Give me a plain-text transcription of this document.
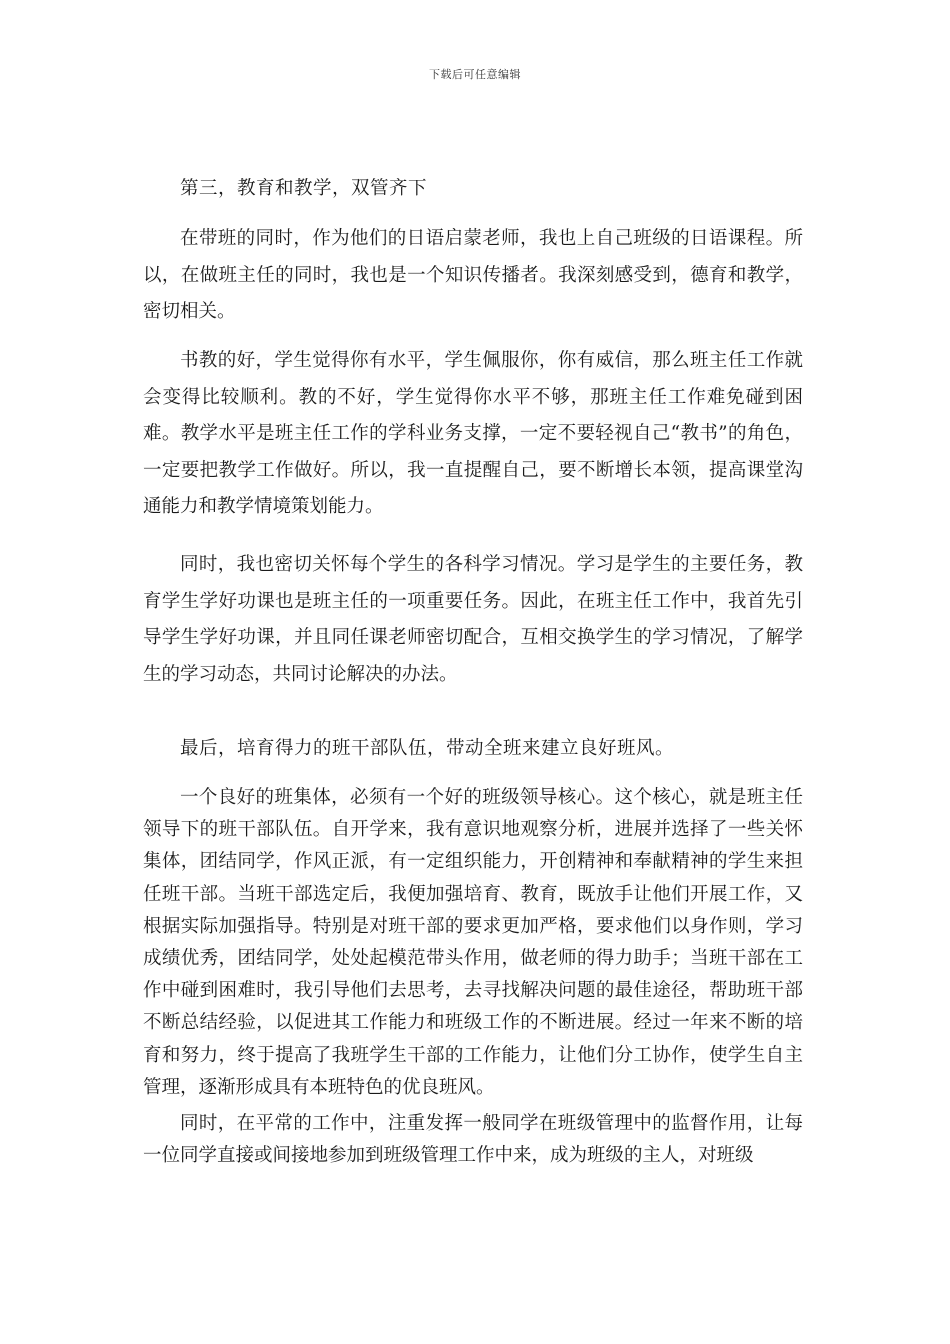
下载后可任意编辑

第三，教育和教学，双管齐下

在带班的同时，作为他们的日语启蒙老师，我也上自己班级的日语课程。所以，在做班主任的同时，我也是一个知识传播者。我深刻感受到，德育和教学，密切相关。

书教的好，学生觉得你有水平，学生佩服你，你有威信，那么班主任工作就会变得比较顺利。教的不好，学生觉得你水平不够，那班主任工作难免碰到困难。教学水平是班主任工作的学科业务支撑，一定不要轻视自己“教书”的角色，一定要把教学工作做好。所以，我一直提醒自己，要不断增长本领，提高课堂沟通能力和教学情境策划能力。

同时，我也密切关怀每个学生的各科学习情况。学习是学生的主要任务，教育学生学好功课也是班主任的一项重要任务。因此，在班主任工作中，我首先引导学生学好功课，并且同任课老师密切配合，互相交换学生的学习情况，了解学生的学习动态，共同讨论解决的办法。

最后，培育得力的班干部队伍，带动全班来建立良好班风。

一个良好的班集体，必须有一个好的班级领导核心。这个核心，就是班主任领导下的班干部队伍。自开学来，我有意识地观察分析，进展并选择了一些关怀集体，团结同学，作风正派，有一定组织能力，开创精神和奉献精神的学生来担任班干部。当班干部选定后，我便加强培育、教育，既放手让他们开展工作，又根据实际加强指导。特别是对班干部的要求更加严格，要求他们以身作则，学习成绩优秀，团结同学，处处起模范带头作用，做老师的得力助手；当班干部在工作中碰到困难时，我引导他们去思考，去寻找解决问题的最佳途径，帮助班干部不断总结经验，以促进其工作能力和班级工作的不断进展。经过一年来不断的培育和努力，终于提高了我班学生干部的工作能力，让他们分工协作，使学生自主管理，逐渐形成具有本班特色的优良班风。

同时，在平常的工作中，注重发挥一般同学在班级管理中的监督作用，让每一位同学直接或间接地参加到班级管理工作中来，成为班级的主人，对班级
